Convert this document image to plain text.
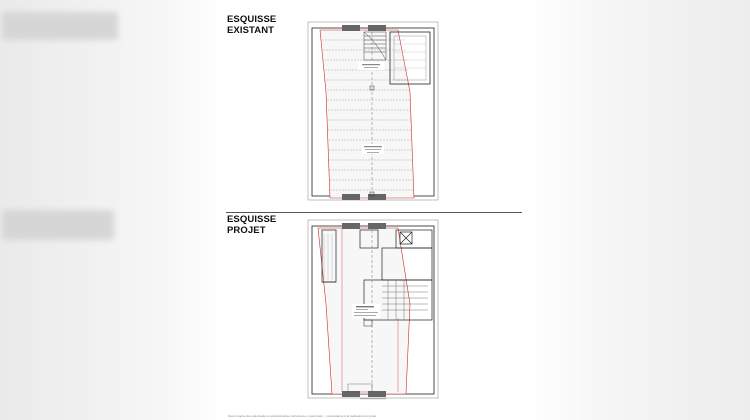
ESQUISSE
EXISTANT
ESQUISSE
PROJET
Sous réserve des autorisations administratives (urbanisme, copropriété…) nécessaires à la réalisation du projet
